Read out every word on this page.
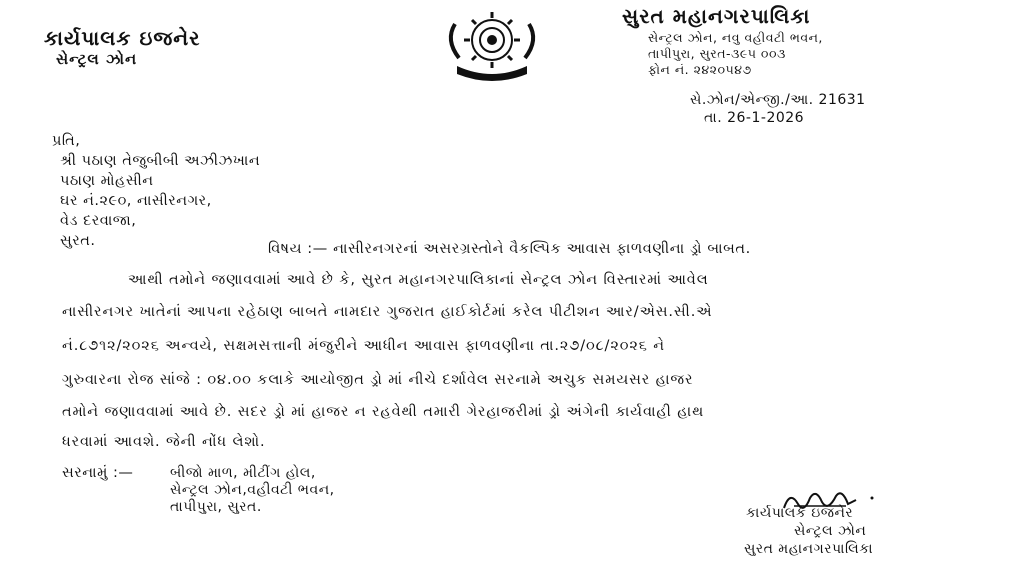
કાર્યપાલક ઇજનેર
સેન્ટ્રલ ઝોન
સુરત મહાનગરપાલિકા
સેન્ટ્રલ ઝોન, નવુ વહીવટી ભવન,
તાપીપુરા, સુરત-૩૯૫ ૦૦૩
ફોન નં. ૨૪૨૦૫૪૭
સે.ઝોન/એન્જી./આ. 21631
તા. 26-1-2026
પ્રતિ,
શ્રી પઠાણ તેજુબીબી અઝીઝખાન
પઠાણ મોહસીન
ઘર નં.૨૯૦, નાસીરનગર,
વેડ દરવાજા,
સુરત.	વિષય :— નાસીરનગરનાં અસરગ્રસ્તોને વૈકલ્પિક આવાસ ફાળવણીના ડ્રો બાબત.
આથી તમોને જણાવવામાં આવે છે કે, સુરત મહાનગરપાલિકાનાં સેન્ટ્રલ ઝોન વિસ્તારમાં આવેલ
નાસીરનગર ખાતેનાં આપના રહેઠાણ બાબતે નામદાર ગુજરાત હાઈકોર્ટમાં કરેલ પીટીશન આર/એસ.સી.એ
નં.૮૭૧૨/૨૦૨૬ અન્વયે, સક્ષમસત્તાની મંજુરીને આધીન આવાસ ફાળવણીના તા.૨૭/૦૮/૨૦૨૬ ને
ગુરુવારના રોજ સાંજે : ૦૪.૦૦ કલાકે આયોજીત ડ્રો માં નીચે દર્શાવેલ સરનામે અચુક સમયસર હાજર
તમોને જણાવવામાં આવે છે. સદર ડ્રો માં હાજર ન રહવેથી તમારી ગેરહાજરીમાં ડ્રો અંગેની કાર્યવાહી હાથ
ધરવામાં આવશે. જેની નોંધ લેશો.
સરનામું :—	બીજો માળ, મીટીંગ હોલ,
સેન્ટ્રલ ઝોન,વહીવટી ભવન,
તાપીપુરા, સુરત.	કાર્યપાલક ઇજનેર
સેન્ટ્રલ ઝોન
સુરત મહાનગરપાલિકા
